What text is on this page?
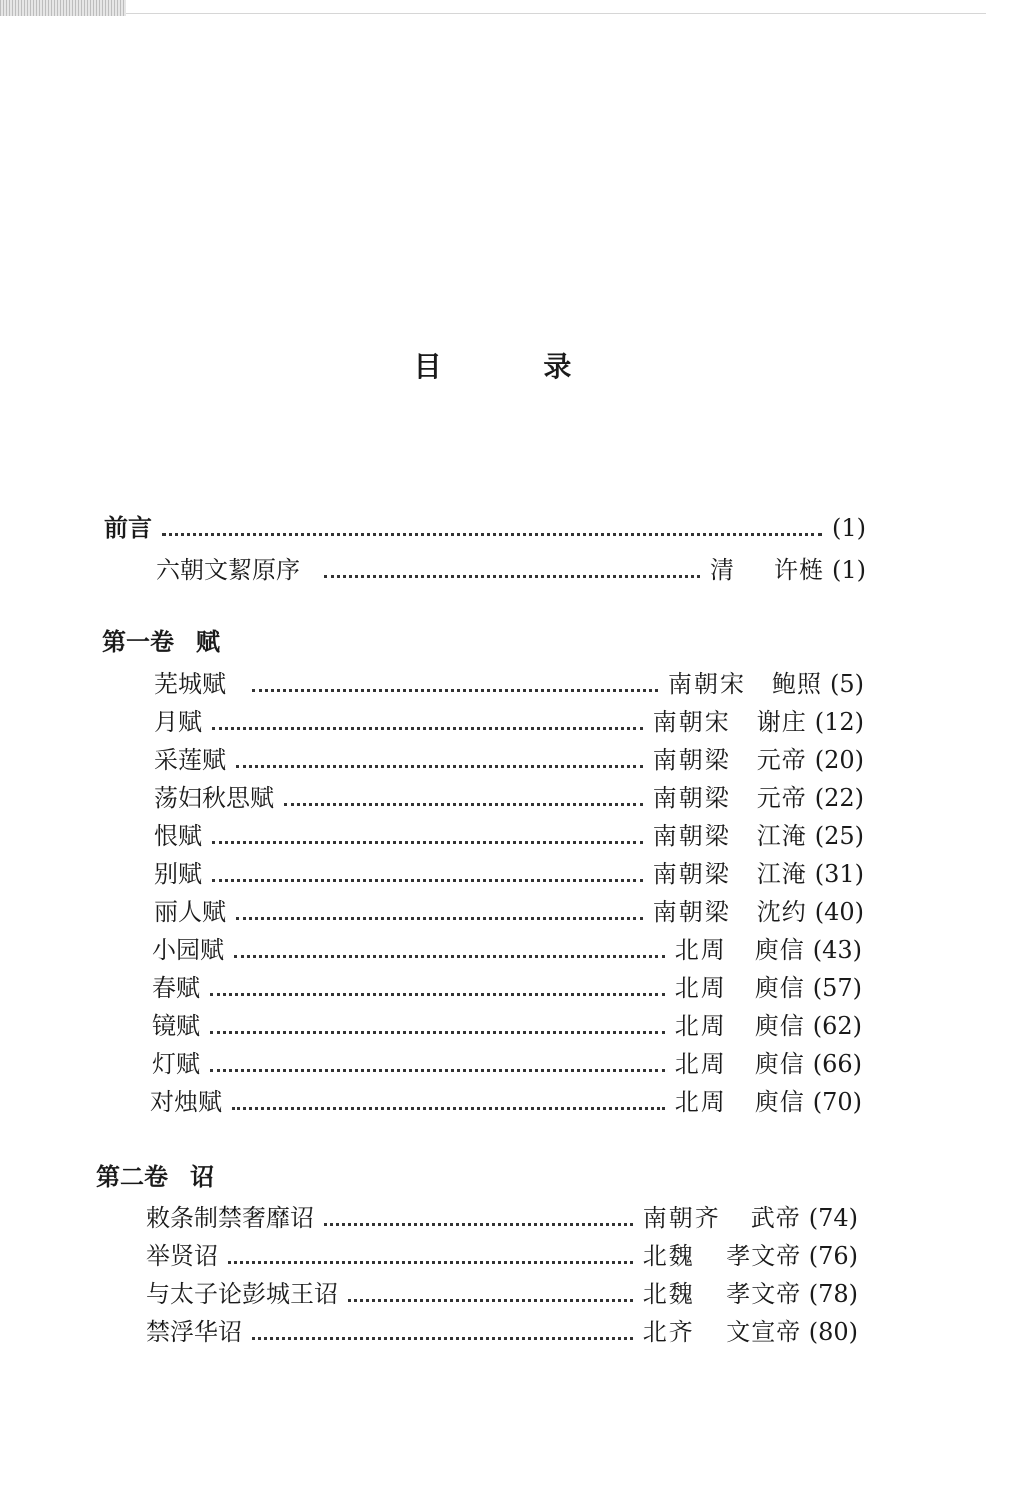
目 录
前言	(1)
六朝文絜原序	清	许梿 (1)
第一卷 赋
芜城赋	南朝宋	鲍照 (5)
月赋	南朝宋	谢庄 (12)
采莲赋	南朝梁	元帝 (20)
荡妇秋思赋	南朝梁	元帝 (22)
恨赋	南朝梁	江淹 (25)
别赋	南朝梁	江淹 (31)
丽人赋	南朝梁	沈约 (40)
小园赋	北周	庾信 (43)
春赋	北周	庾信 (57)
镜赋	北周	庾信 (62)
灯赋	北周	庾信 (66)
对烛赋	北周	庾信 (70)
第二卷 诏
敕条制禁奢靡诏	南朝齐	武帝 (74)
举贤诏	北魏	孝文帝 (76)
与太子论彭城王诏	北魏	孝文帝 (78)
禁浮华诏	北齐	文宣帝 (80)
